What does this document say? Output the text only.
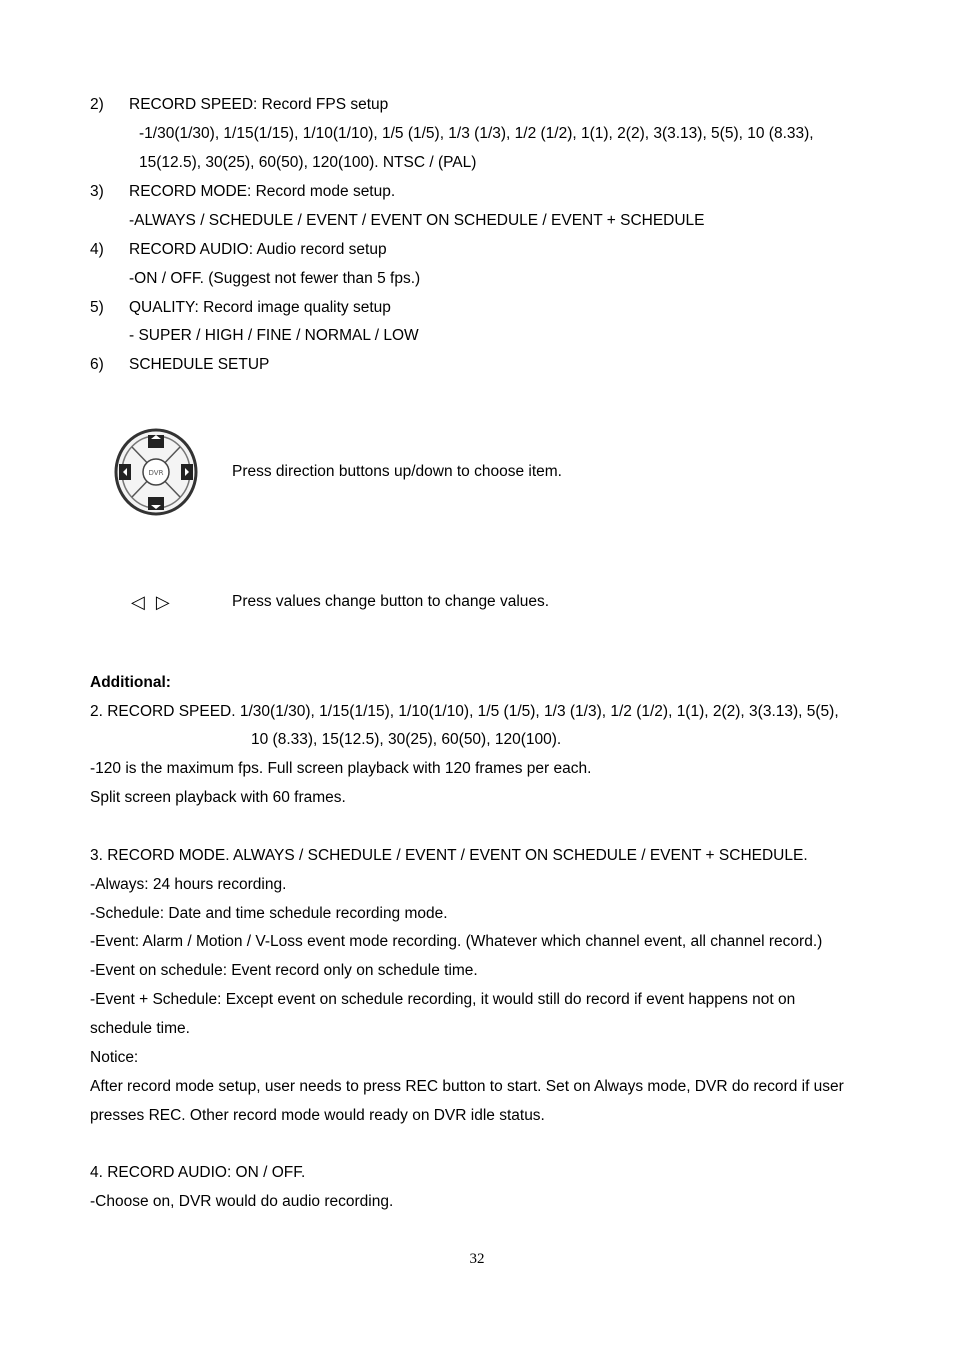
2) RECORD SPEED: Record FPS setup
-1/30(1/30), 1/15(1/15), 1/10(1/10), 1/5 (1/5), 1/3 (1/3), 1/2 (1/2), 1(1), 2(2), 3(3.13), 5(5), 10 (8.33),
15(12.5), 30(25), 60(50), 120(100). NTSC / (PAL)
3) RECORD MODE: Record mode setup.
-ALWAYS / SCHEDULE / EVENT / EVENT ON SCHEDULE / EVENT + SCHEDULE
4) RECORD AUDIO: Audio record setup
-ON / OFF. (Suggest not fewer than 5 fps.)
5) QUALITY: Record image quality setup
- SUPER / HIGH / FINE / NORMAL / LOW
6) SCHEDULE SETUP
DVR	Press direction buttons up/down to choose item.
◁ ▷	Press values change button to change values.
Additional:
2. RECORD SPEED. 1/30(1/30), 1/15(1/15), 1/10(1/10), 1/5 (1/5), 1/3 (1/3), 1/2 (1/2), 1(1), 2(2), 3(3.13), 5(5),
10 (8.33), 15(12.5), 30(25), 60(50), 120(100).
-120 is the maximum fps. Full screen playback with 120 frames per each.
Split screen playback with 60 frames.
3. RECORD MODE. ALWAYS / SCHEDULE / EVENT / EVENT ON SCHEDULE / EVENT + SCHEDULE.
-Always: 24 hours recording.
-Schedule: Date and time schedule recording mode.
-Event: Alarm / Motion / V-Loss event mode recording. (Whatever which channel event, all channel record.)
-Event on schedule: Event record only on schedule time.
-Event + Schedule: Except event on schedule recording, it would still do record if event happens not on
schedule time.
Notice:
After record mode setup, user needs to press REC button to start. Set on Always mode, DVR do record if user
presses REC. Other record mode would ready on DVR idle status.
4. RECORD AUDIO: ON / OFF.
-Choose on, DVR would do audio recording.
32
